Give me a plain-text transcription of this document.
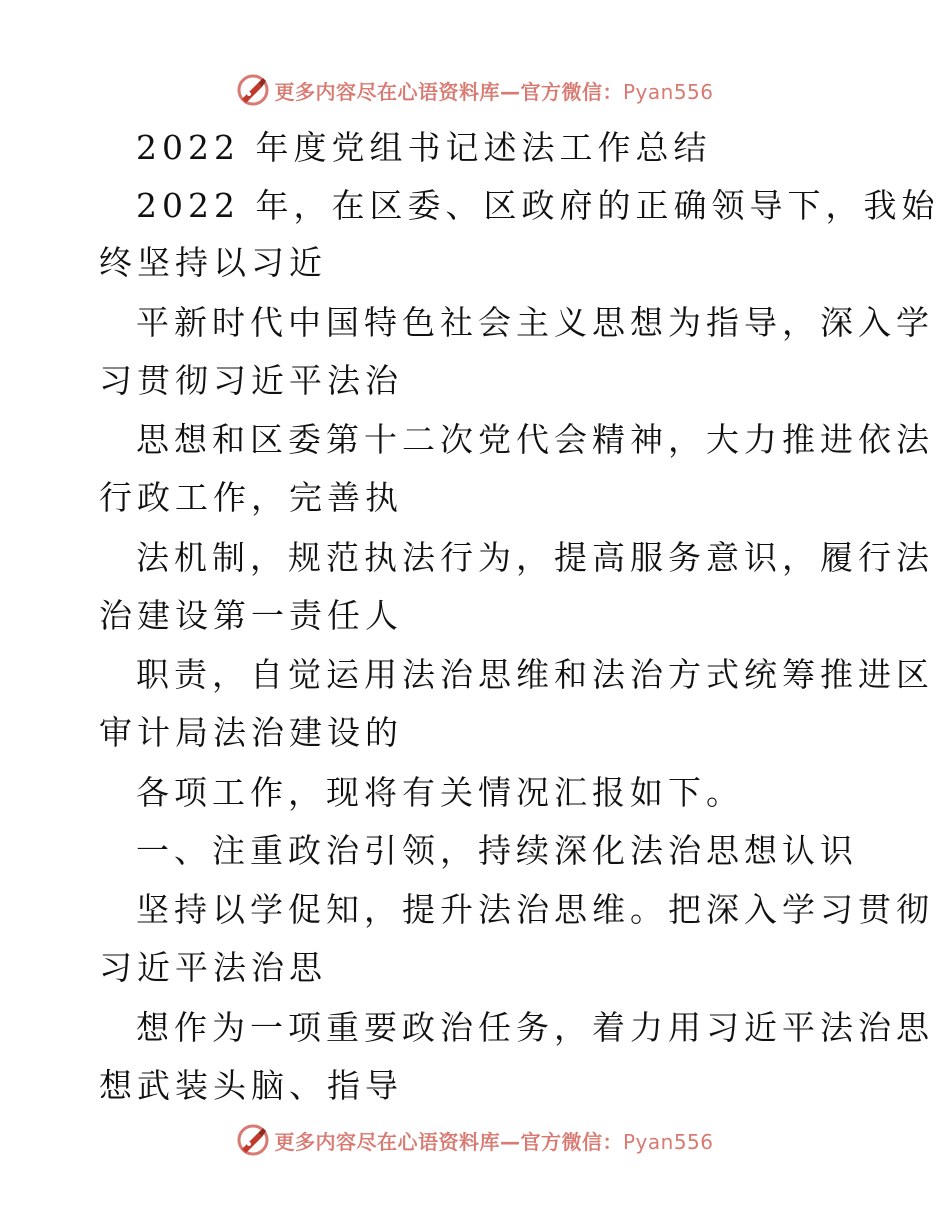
更多内容尽在心语资料库—官方微信：Pyan556
2022 年度党组书记述法工作总结
2022 年，在区委、区政府的正确领导下，我始
终坚持以习近
平新时代中国特色社会主义思想为指导，深入学
习贯彻习近平法治
思想和区委第十二次党代会精神，大力推进依法
行政工作，完善执
法机制，规范执法行为，提高服务意识，履行法
治建设第一责任人
职责，自觉运用法治思维和法治方式统筹推进区
审计局法治建设的
各项工作，现将有关情况汇报如下。
一、注重政治引领，持续深化法治思想认识
坚持以学促知，提升法治思维。把深入学习贯彻
习近平法治思
想作为一项重要政治任务，着力用习近平法治思
想武装头脑、指导
更多内容尽在心语资料库—官方微信：Pyan556
